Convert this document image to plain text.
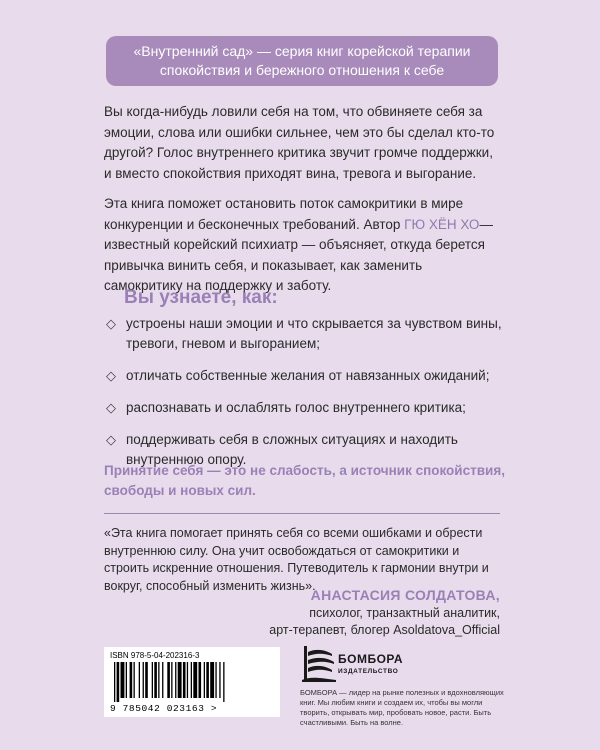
«Внутренний сад» — серия книг корейской терапии
спокойствия и бережного отношения к себе
Вы когда-нибудь ловили себя на том, что обвиняете себя за эмоции, слова или ошибки сильнее, чем это бы сделал кто-то другой? Голос внутреннего критика звучит громче поддержки, и вместо спокойствия приходят вина, тревога и выгорание.
Эта книга поможет остановить поток самокритики в мире конкуренции и бесконечных требований. Автор ГЮ ХЁН ХО— известный корейский психиатр — объясняет, откуда берется привычка винить себя, и показывает, как заменить самокритику на поддержку и заботу.
Вы узнаете, как:
◇ устроены наши эмоции и что скрывается за чувством вины, тревоги, гневом и выгоранием;
◇ отличать собственные желания от навязанных ожиданий;
◇ распознавать и ослаблять голос внутреннего критика;
◇ поддерживать себя в сложных ситуациях и находить внутреннюю опору.
Принятие себя — это не слабость, а источник спокойствия, свободы и новых сил.
«Эта книга помогает принять себя со всеми ошибками и обрести внутреннюю силу. Она учит освобождаться от самокритики и строить искренние отношения. Путеводитель к гармонии внутри и вокруг, способный изменить жизнь».
АНАСТАСИЯ СОЛДАТОВА,
психолог, транзактный аналитик,
арт-терапевт, блогер Asoldatova_Official
ISBN 978-5-04-202316-3
9 785042 023163 >
БОМБОРА
ИЗДАТЕЛЬСТВО
БОМБОРА — лидер на рынке полезных и вдохновляющих книг. Мы любим книги и создаем их, чтобы вы могли творить, открывать мир, пробовать новое, расти. Быть счастливыми. Быть на волне.
